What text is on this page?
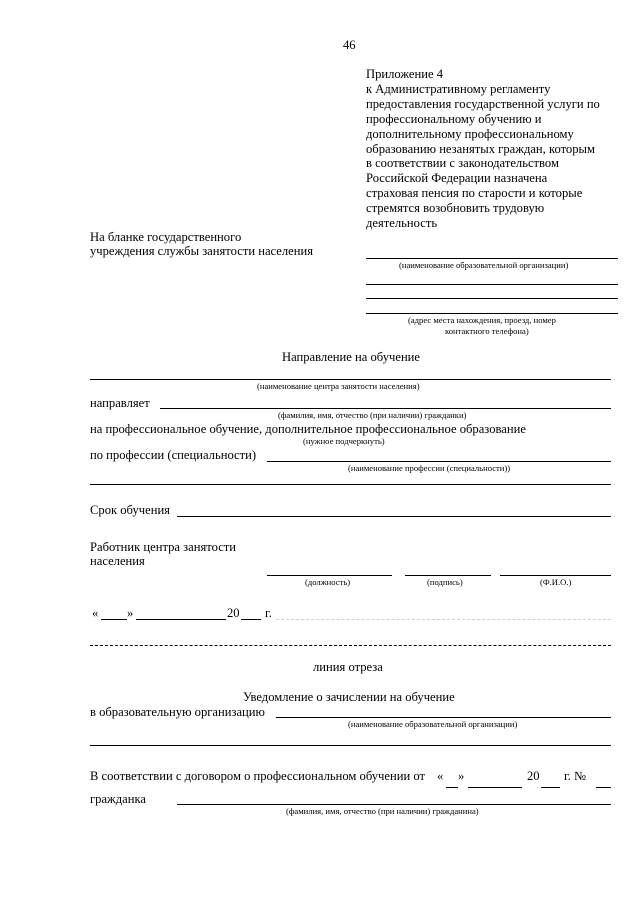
46
Приложение 4
к Административному регламенту
предоставления государственной услуги по
профессиональному обучению и
дополнительному профессиональному
образованию незанятых граждан, которым
в соответствии с законодательством
Российской Федерации назначена
страховая пенсия по старости и которые
стремятся возобновить трудовую
деятельность
На бланке государственного
учреждения службы занятости населения
(наименование образовательной организации)
(адрес места нахождения, проезд, номер
контактного телефона)
Направление на обучение
(наименование центра занятости населения)
направляет
(фамилия, имя, отчество (при наличии) гражданки)
на профессиональное обучение, дополнительное профессиональное образование
(нужное подчеркнуть)
по профессии (специальности)
(наименование профессии (специальности))
Срок обучения
Работник центра занятости
населения
(должность)	(подпись)	(Ф.И.О.)
« »	20 г.
линия отреза
Уведомление о зачислении на обучение
в образовательную организацию
(наименование образовательной организации)
В соответствии с договором о профессиональном обучении от « »	20 г. №
гражданка
(фамилия, имя, отчество (при наличии) гражданина)
